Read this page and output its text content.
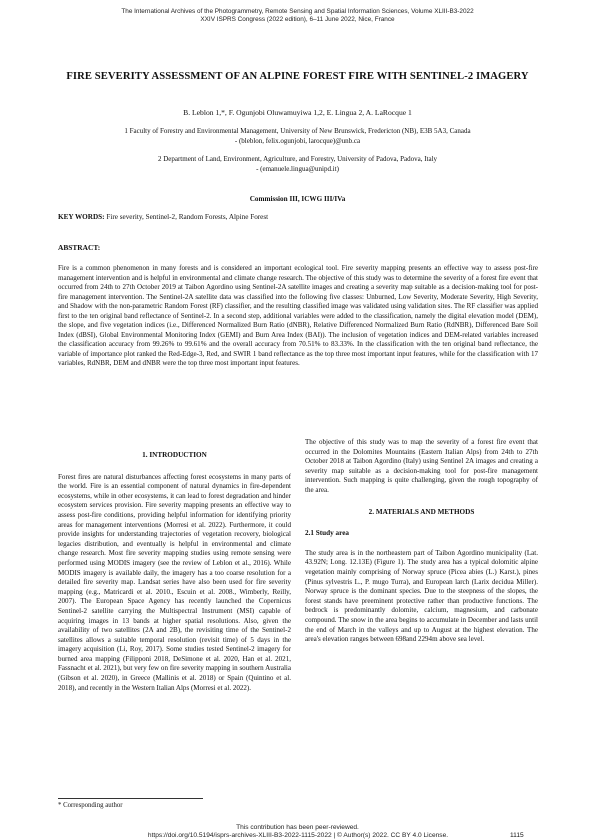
The International Archives of the Photogrammetry, Remote Sensing and Spatial Information Sciences, Volume XLIII-B3-2022
XXIV ISPRS Congress (2022 edition), 6–11 June 2022, Nice, France
FIRE SEVERITY ASSESSMENT OF AN ALPINE FOREST FIRE WITH SENTINEL-2 IMAGERY
B. Leblon 1,*, F. Ogunjobi Oluwamuyiwa 1,2, E. Lingua 2, A. LaRocque 1
1 Faculty of Forestry and Environmental Management, University of New Brunswick, Fredericton (NB), E3B 5A3, Canada
- (bleblon, felix.ogunjobi, larocque)@unb.ca
2 Department of Land, Environment, Agriculture, and Forestry, University of Padova, Padova, Italy
- (emanuele.lingua@unipd.it)
Commission III, ICWG III/IVa
KEY WORDS: Fire severity, Sentinel-2, Random Forests, Alpine Forest
ABSTRACT:
Fire is a common phenomenon in many forests and is considered an important ecological tool. Fire severity mapping presents an effective way to assess post-fire management intervention and is helpful in environmental and climate change research. The objective of this study was to determine the severity of a forest fire event that occurred from 24th to 27th October 2019 at Taibon Agordino using Sentinel-2A satellite images and creating a severity map suitable as a decision-making tool for post-fire management intervention. The Sentinel-2A satellite data was classified into the following five classes: Unburned, Low Severity, Moderate Severity, High Severity, and Shadow with the non-parametric Random Forest (RF) classifier, and the resulting classified image was validated using validation sites. The RF classifier was applied first to the ten original band reflectance of Sentinel-2. In a second step, additional variables were added to the classification, namely the digital elevation model (DEM), the slope, and five vegetation indices (i.e., Differenced Normalized Burn Ratio (dNBR), Relative Differenced Normalized Burn Ratio (RdNBR), Differenced Bare Soil Index (dBSI), Global Environmental Monitoring Index (GEMI) and Burn Area Index (BAI)). The inclusion of vegetation indices and DEM-related variables increased the classification accuracy from 99.26% to 99.61% and the overall accuracy from 70.51% to 83.33%. In the classification with the ten original band reflectance, the variable of importance plot ranked the Red-Edge-3, Red, and SWIR 1 band reflectance as the top three most important input features, while for the classification with 17 variables, RdNBR, DEM and dNBR were the top three most important input features.
1. INTRODUCTION

Forest fires are natural disturbances affecting forest ecosystems in many parts of the world. Fire is an essential component of natural dynamics in fire-dependent ecosystems, while in other ecosystems, it can lead to forest degradation and hinder ecosystem services provision. Fire severity mapping presents an effective way to assess post-fire conditions, providing helpful information for identifying priority areas for management interventions (Morresi et al. 2022). Furthermore, it could provide insights for understanding trajectories of vegetation recovery, biological legacies distribution, and eventually is helpful in environmental and climate change research. Most fire severity mapping studies using remote sensing were performed using MODIS imagery (see the review of Leblon et al., 2016). While MODIS imagery is available daily, the imagery has a too coarse resolution for a detailed fire severity map. Landsat series have also been used for fire severity mapping (e.g., Matricardi et al. 2010., Escuin et al. 2008., Wimberly, Reilly, 2007). The European Space Agency has recently launched the Copernicus Sentinel-2 satellite carrying the Multispectral Instrument (MSI) capable of acquiring images in 13 bands at higher spatial resolutions. Also, given the availability of two satellites (2A and 2B), the revisiting time of the Sentinel-2 satellites allows a suitable temporal resolution (revisit time) of 5 days in the imagery acquisition (Li, Roy, 2017). Some studies tested Sentinel-2 imagery for burned area mapping (Filipponi 2018, DeSimone et al. 2020, Han et al. 2021, Fassnacht et al. 2021), but very few on fire severity mapping in southern Australia (Gibson et al. 2020), in Greece (Mallinis et al. 2018) or Spain (Quintino et al. 2018), and recently in the Western Italian Alps (Morresi et al. 2022).

The objective of this study was to map the severity of a forest fire event that occurred in the Dolomites Mountains (Eastern Italian Alps) from 24th to 27th October 2018 at Taibon Agordino (Italy) using Sentinel 2A images and creating a severity map suitable as a decision-making tool for post-fire management intervention. Such mapping is quite challenging, given the rough topography of the area.

2. MATERIALS AND METHODS
2.1 Study area

The study area is in the northeastern part of Taibon Agordino municipality (Lat. 43.92N; Long. 12.13E) (Figure 1). The study area has a typical dolomitic alpine vegetation mainly comprising of Norway spruce (Picea abies (L.) Karst.), pines (Pinus sylvestris L., P. mugo Turra), and European larch (Larix decidua Miller). Norway spruce is the dominant species. Due to the steepness of the slopes, the forest stands have preeminent protective rather than productive functions. The bedrock is predominantly dolomite, calcium, magnesium, and carbonate compound. The snow in the area begins to accumulate in December and lasts until the end of March in the valleys and up to August at the highest elevation. The area's elevation ranges between 698and 2294m above sea level.

* Corresponding author
This contribution has been peer-reviewed.
https://doi.org/10.5194/isprs-archives-XLIII-B3-2022-1115-2022 | © Author(s) 2022. CC BY 4.0 License.	1115
